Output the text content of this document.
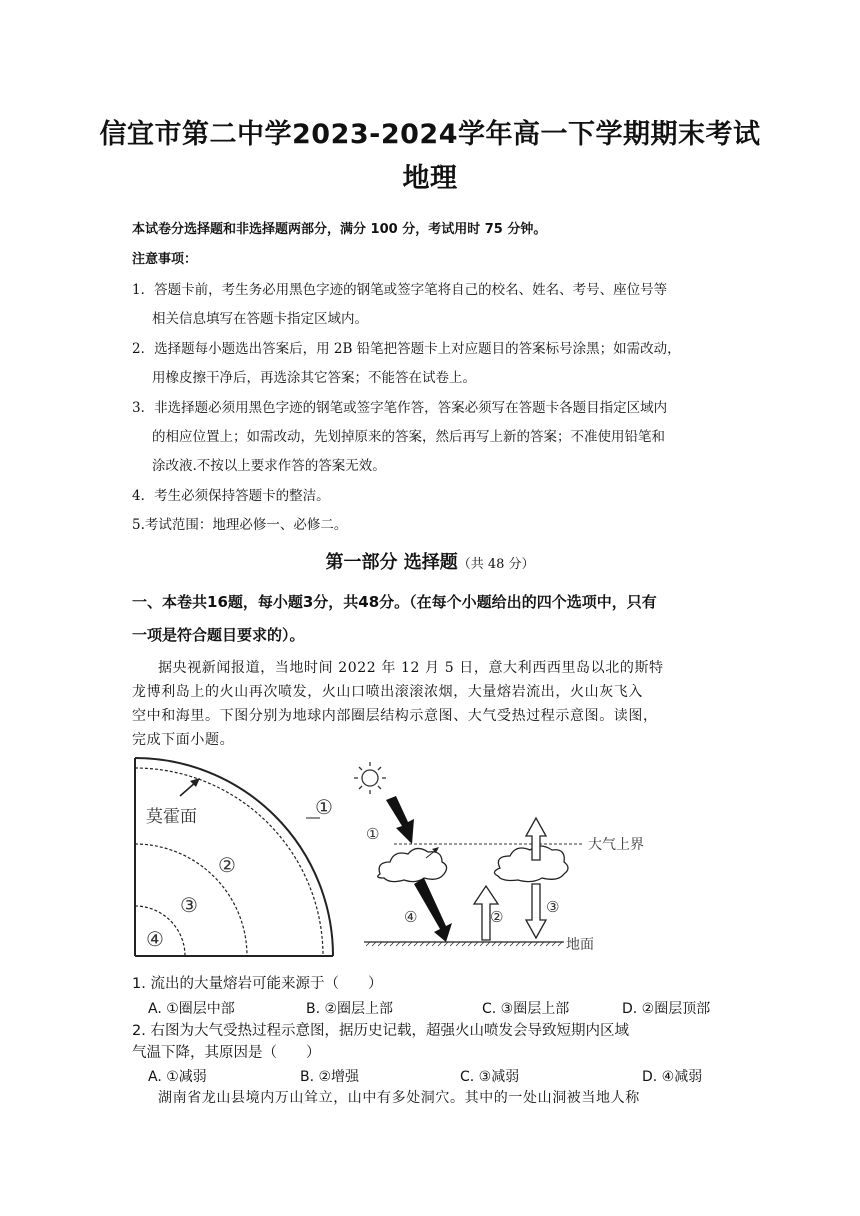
信宜市第二中学2023-2024学年高一下学期期末考试
地理
本试卷分选择题和非选择题两部分，满分 100 分，考试用时 75 分钟。
注意事项：
1．答题卡前，考生务必用黑色字迹的钢笔或签字笔将自己的校名、姓名、考号、座位号等
相关信息填写在答题卡指定区域内。
2．选择题每小题选出答案后，用 2B 铅笔把答题卡上对应题目的答案标号涂黑；如需改动，
用橡皮擦干净后，再选涂其它答案；不能答在试卷上。
3．非选择题必须用黑色字迹的钢笔或签字笔作答，答案必须写在答题卡各题目指定区域内
的相应位置上；如需改动，先划掉原来的答案，然后再写上新的答案；不准使用铅笔和
涂改液.不按以上要求作答的答案无效。
4．考生必须保持答题卡的整洁。
5.考试范围：地理必修一、必修二。
第一部分 选择题（共 48 分）
一、本卷共16题，每小题3分，共48分。（在每个小题给出的四个选项中，只有
一项是符合题目要求的）。
据央视新闻报道，当地时间 2022 年 12 月 5 日，意大利西西里岛以北的斯特
龙博利岛上的火山再次喷发，火山口喷出滚滚浓烟，大量熔岩流出，火山灰飞入
空中和海里。下图分别为地球内部圈层结构示意图、大气受热过程示意图。读图，
完成下面小题。
莫霍面	①
②
③
④
①
大气上界
④	②
③
地面
1. 流出的大量熔岩可能来源于（　　）
A. ①圈层中部	B. ②圈层上部	C. ③圈层上部	D. ②圈层顶部
2. 右图为大气受热过程示意图，据历史记载，超强火山喷发会导致短期内区域
气温下降，其原因是（　　）
A. ①减弱	B. ②增强	C. ③减弱	D. ④减弱
湖南省龙山县境内万山耸立，山中有多处洞穴。其中的一处山洞被当地人称
